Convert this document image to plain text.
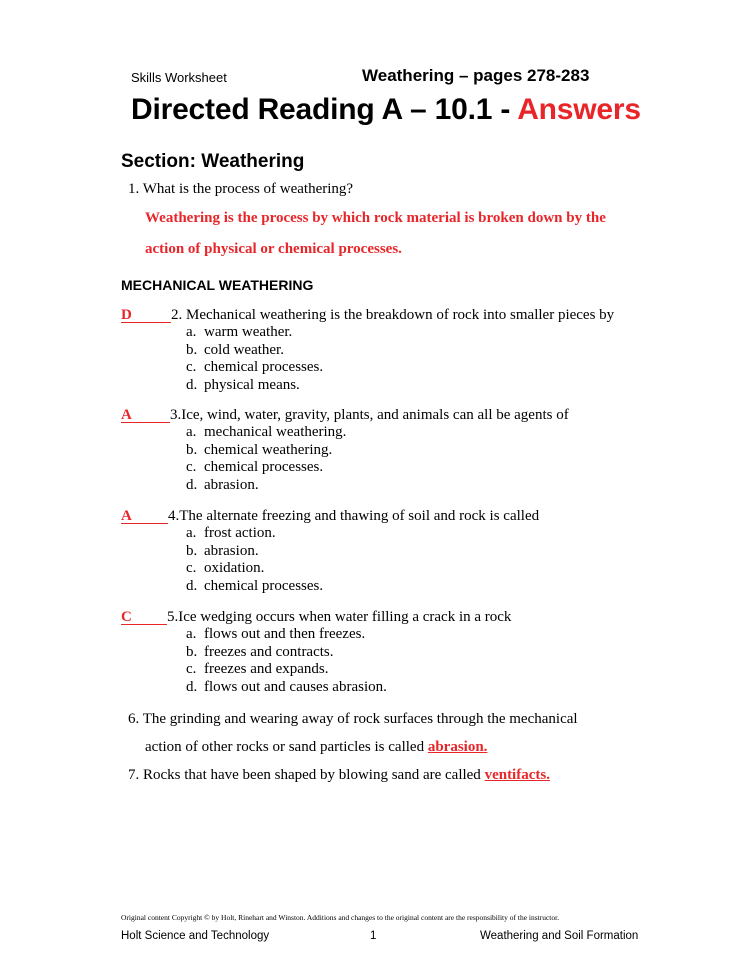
Skills Worksheet	Weathering – pages 278-283
Directed Reading A – 10.1 - Answers
Section: Weathering
1. What is the process of weathering?
Weathering is the process by which rock material is broken down by the
action of physical or chemical processes.
MECHANICAL WEATHERING
D	2. Mechanical weathering is the breakdown of rock into smaller pieces by
a. warm weather.
b. cold weather.
c. chemical processes.
d. physical means.
A	3.Ice, wind, water, gravity, plants, and animals can all be agents of
a. mechanical weathering.
b. chemical weathering.
c. chemical processes.
d. abrasion.
A	4.The alternate freezing and thawing of soil and rock is called
a. frost action.
b. abrasion.
c. oxidation.
d. chemical processes.
C	5.Ice wedging occurs when water filling a crack in a rock
a. flows out and then freezes.
b. freezes and contracts.
c. freezes and expands.
d. flows out and causes abrasion.
6. The grinding and wearing away of rock surfaces through the mechanical
action of other rocks or sand particles is called abrasion.
7. Rocks that have been shaped by blowing sand are called ventifacts.
Original content Copyright © by Holt, Rinehart and Winston. Additions and changes to the original content are the responsibility of the instructor.
Holt Science and Technology	1	Weathering and Soil Formation
